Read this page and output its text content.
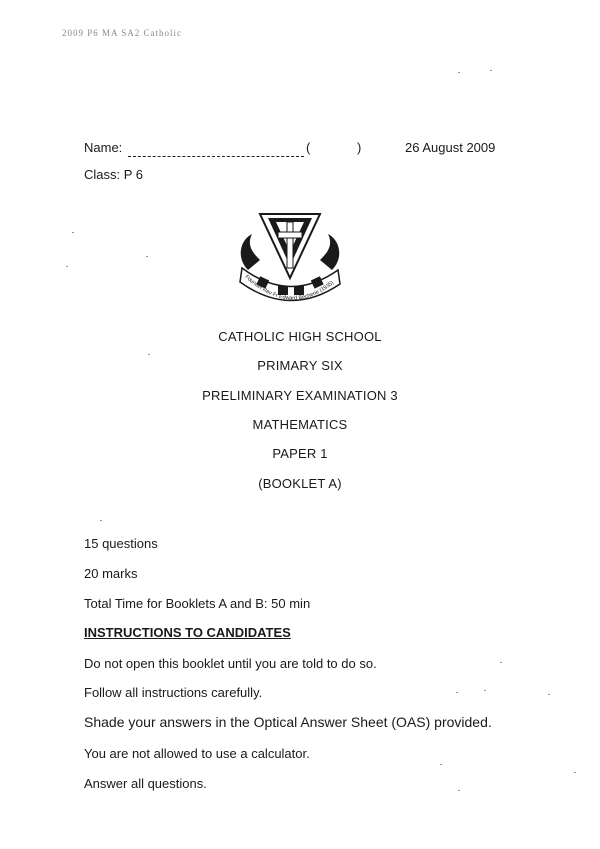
2009 P6 MA SA2 Catholic
Name:	(	)	26 August 2009
Class: P 6
Founder Rev Fr Edward Becherie (1935)
CATHOLIC HIGH SCHOOL
PRIMARY SIX
PRELIMINARY EXAMINATION 3
MATHEMATICS
PAPER 1
(BOOKLET A)
15 questions
20 marks
Total Time for Booklets A and B: 50 min
INSTRUCTIONS TO CANDIDATES
Do not open this booklet until you are told to do so.
Follow all instructions carefully.
Shade your answers in the Optical Answer Sheet (OAS) provided.
You are not allowed to use a calculator.
Answer all questions.
